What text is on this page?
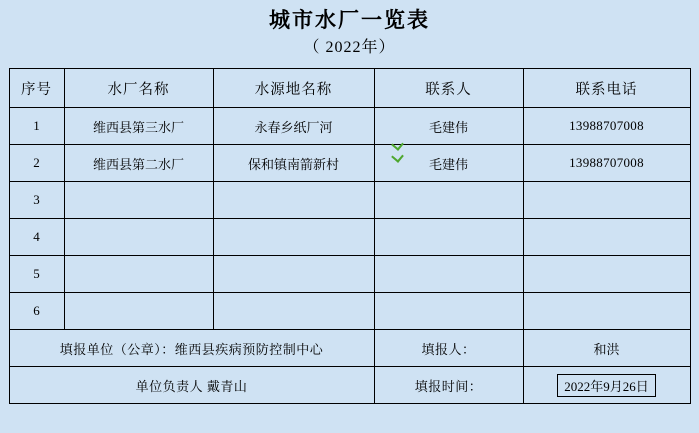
城市水厂一览表
（ 2022年）
序号	水厂名称	水源地名称	联系人	联系电话
1	维西县第三水厂	永春乡纸厂河	毛建伟	13988707008
2	维西县第二水厂	保和镇南箭新村	毛建伟	13988707008
3				
4				
5				
6				
填报单位（公章）：维西县疾病预防控制中心			填报人：	和洪
单位负责人 戴青山			填报时间：	2022年9月26日
